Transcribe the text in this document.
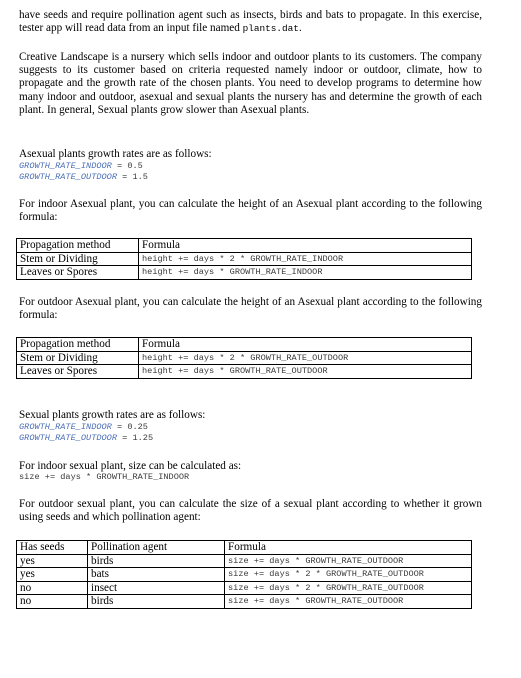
have seeds and require pollination agent such as insects, birds and bats to propagate. In this exercise, tester app will read data from an input file named plants.dat.

Creative Landscape is a nursery which sells indoor and outdoor plants to its customers. The company suggests to its customer based on criteria requested namely indoor or outdoor, climate, how to propagate and the growth rate of the chosen plants. You need to develop programs to determine how many indoor and outdoor, asexual and sexual plants the nursery has and determine the growth of each plant. In general, Sexual plants grow slower than Asexual plants.

Asexual plants growth rates are as follows:

GROWTH_RATE_INDOOR = 0.5
GROWTH_RATE_OUTDOOR = 1.5

For indoor Asexual plant, you can calculate the height of an Asexual plant according to the following formula:

Propagation method	Formula
Stem or Dividing	height += days * 2 * GROWTH_RATE_INDOOR
Leaves or Spores	height += days * GROWTH_RATE_INDOOR

For outdoor Asexual plant, you can calculate the height of an Asexual plant according to the following formula:

Propagation method	Formula
Stem or Dividing	height += days * 2 * GROWTH_RATE_OUTDOOR
Leaves or Spores	height += days * GROWTH_RATE_OUTDOOR

Sexual plants growth rates are as follows:

GROWTH_RATE_INDOOR = 0.25
GROWTH_RATE_OUTDOOR = 1.25

For indoor sexual plant, size can be calculated as:

size += days * GROWTH_RATE_INDOOR

For outdoor sexual plant, you can calculate the size of a sexual plant according to whether it grown using seeds and which pollination agent:

Has seeds	Pollination agent	Formula
yes	birds	size += days * GROWTH_RATE_OUTDOOR
yes	bats	size += days * 2 * GROWTH_RATE_OUTDOOR
no	insect	size += days * 2 * GROWTH_RATE_OUTDOOR
no	birds	size += days * GROWTH_RATE_OUTDOOR
